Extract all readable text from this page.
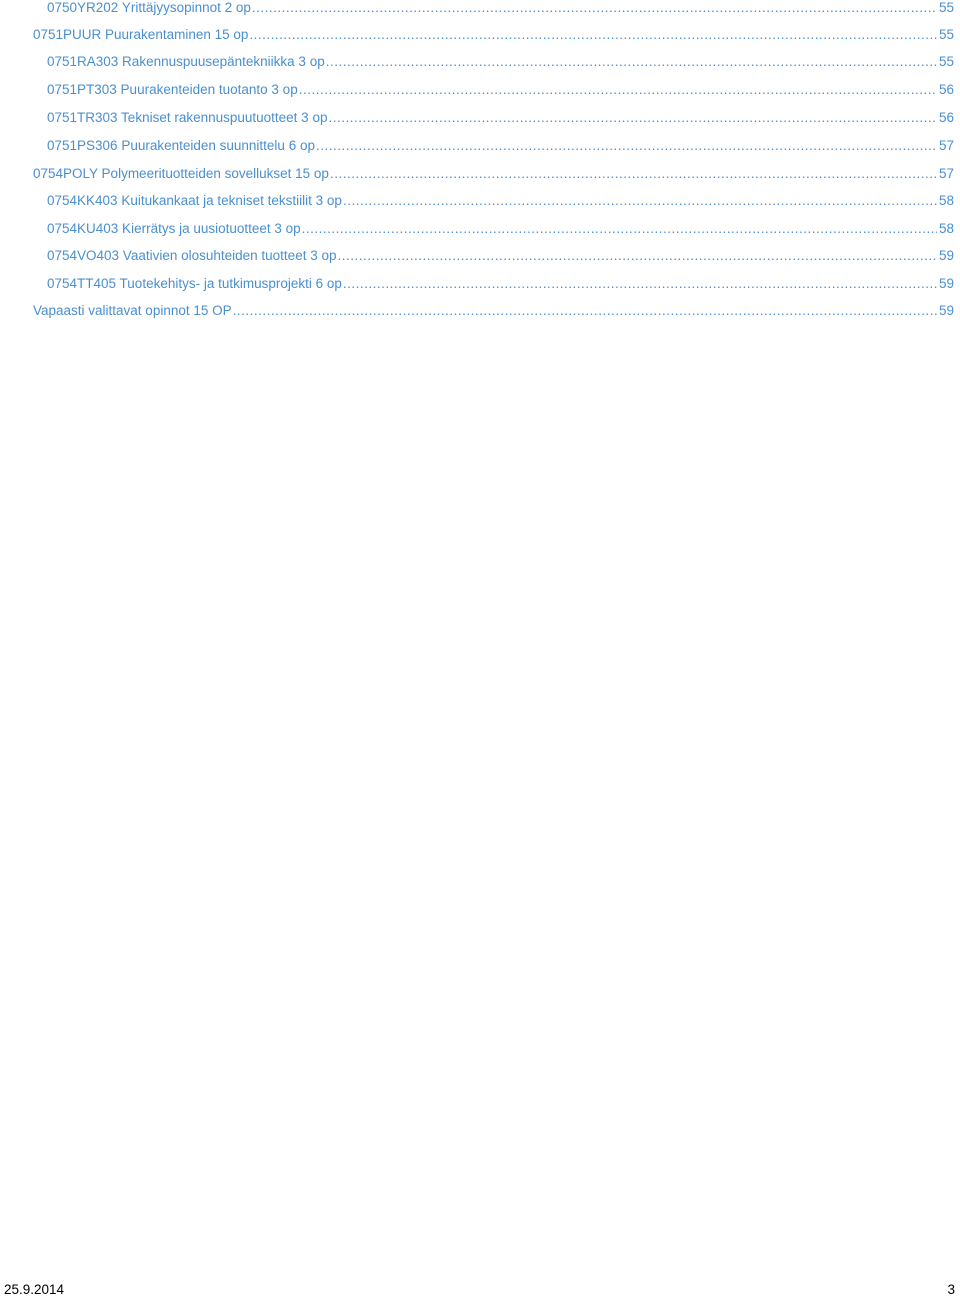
0750YR202 Yrittäjyysopinnot 2 op .....	55
0751PUUR Puurakentaminen 15 op .....	55
0751RA303 Rakennuspuusepäntekniikka 3 op .....	55
0751PT303 Puurakenteiden tuotanto 3 op .....	56
0751TR303 Tekniset rakennuspuutuotteet 3 op .....	56
0751PS306 Puurakenteiden suunnittelu 6 op .....	57
0754POLY Polymeerituotteiden sovellukset 15 op .....	57
0754KK403 Kuitukankaat ja tekniset tekstiilit 3 op .....	58
0754KU403 Kierrätys ja uusiotuotteet 3 op .....	58
0754VO403 Vaativien olosuhteiden tuotteet 3 op .....	59
0754TT405 Tuotekehitys- ja tutkimusprojekti 6 op .....	59
Vapaasti valittavat opinnot 15 OP .....	59
25.9.2014	3
